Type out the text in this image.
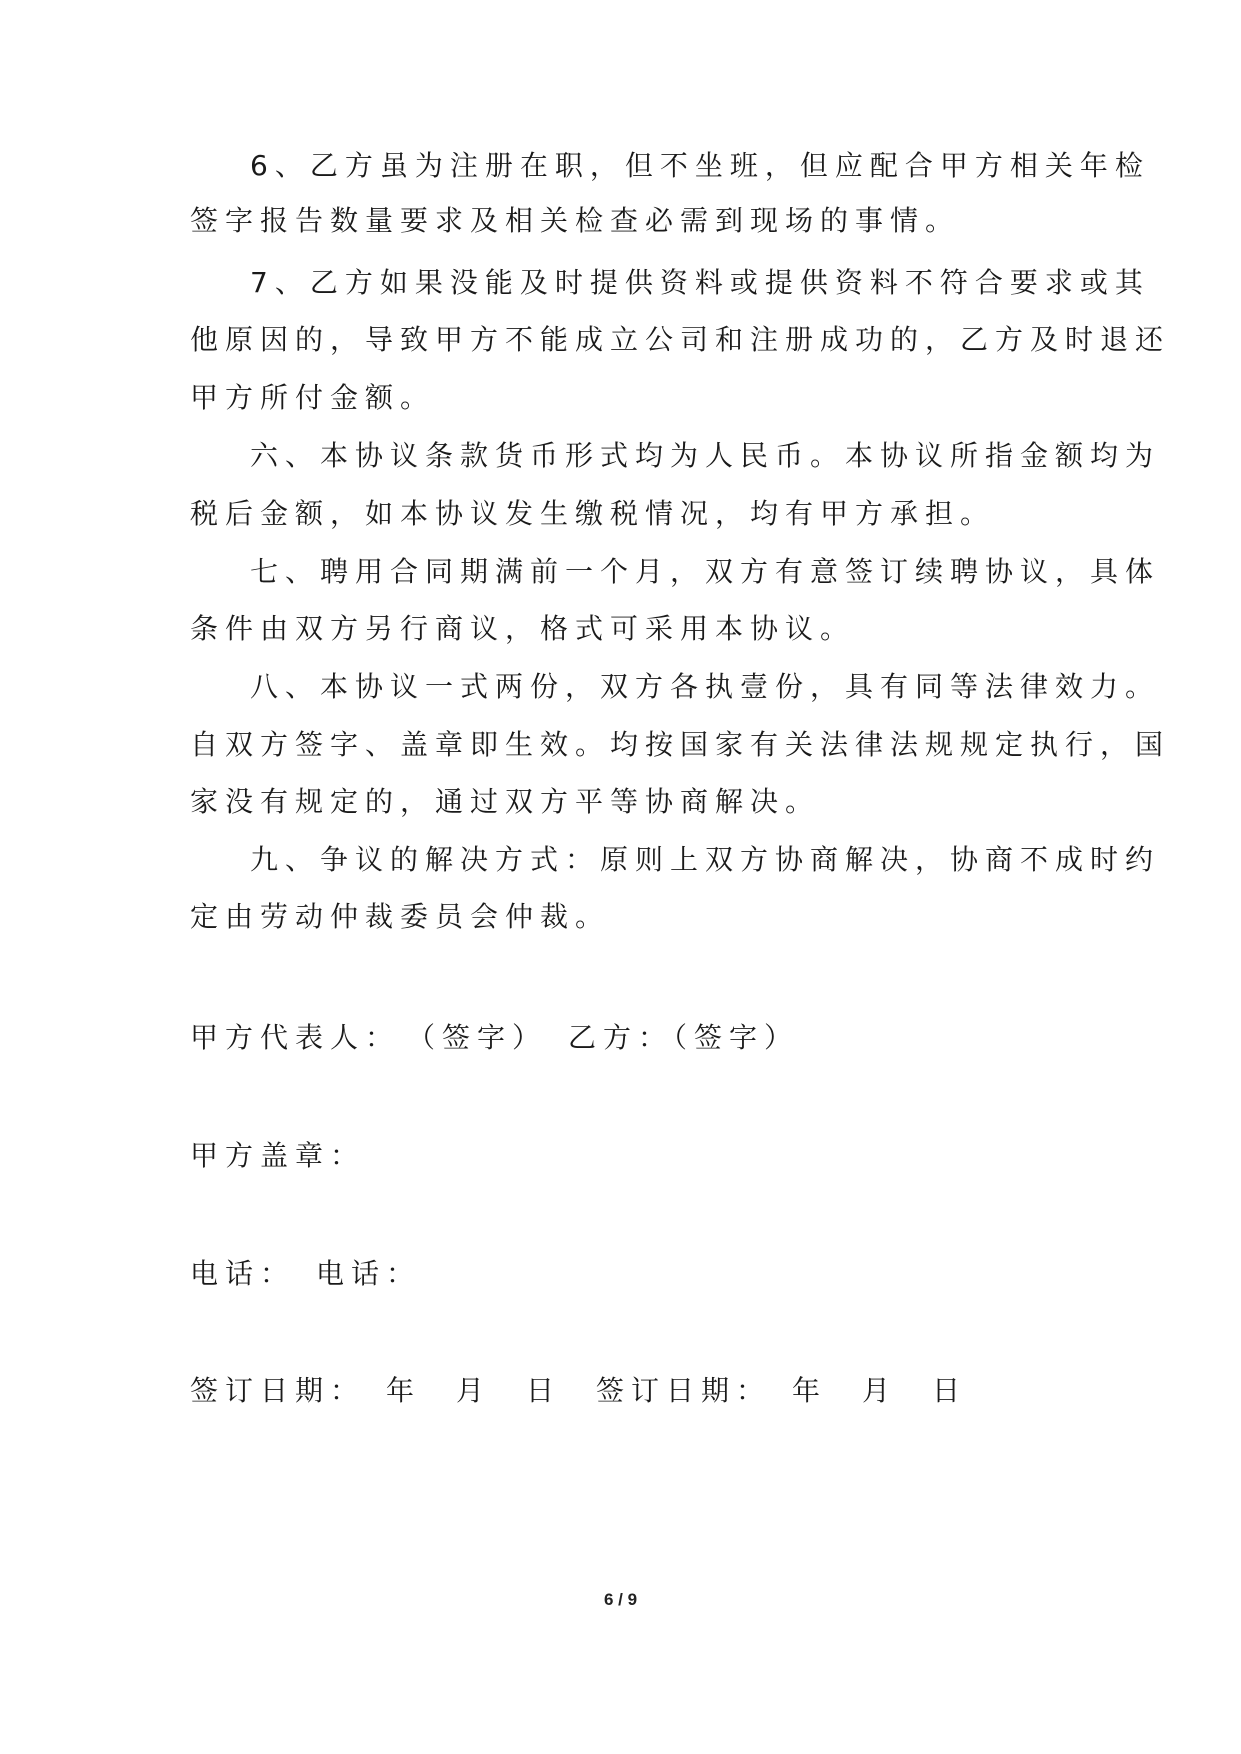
6、乙方虽为注册在职，但不坐班，但应配合甲方相关年检

签字报告数量要求及相关检查必需到现场的事情。

7、乙方如果没能及时提供资料或提供资料不符合要求或其

他原因的，导致甲方不能成立公司和注册成功的，乙方及时退还

甲方所付金额。

六、本协议条款货币形式均为人民币。本协议所指金额均为

税后金额，如本协议发生缴税情况，均有甲方承担。

七、聘用合同期满前一个月，双方有意签订续聘协议，具体

条件由双方另行商议，格式可采用本协议。

八、本协议一式两份，双方各执壹份，具有同等法律效力。

自双方签字、盖章即生效。均按国家有关法律法规规定执行，国

家没有规定的，通过双方平等协商解决。

九、争议的解决方式：原则上双方协商解决，协商不成时约

定由劳动仲裁委员会仲裁。

甲方代表人：　（签字）　乙方：（签字）

甲方盖章：

电话：　电话：

签订日期：　年　月　日　签订日期：　年　月　日

6 / 9
